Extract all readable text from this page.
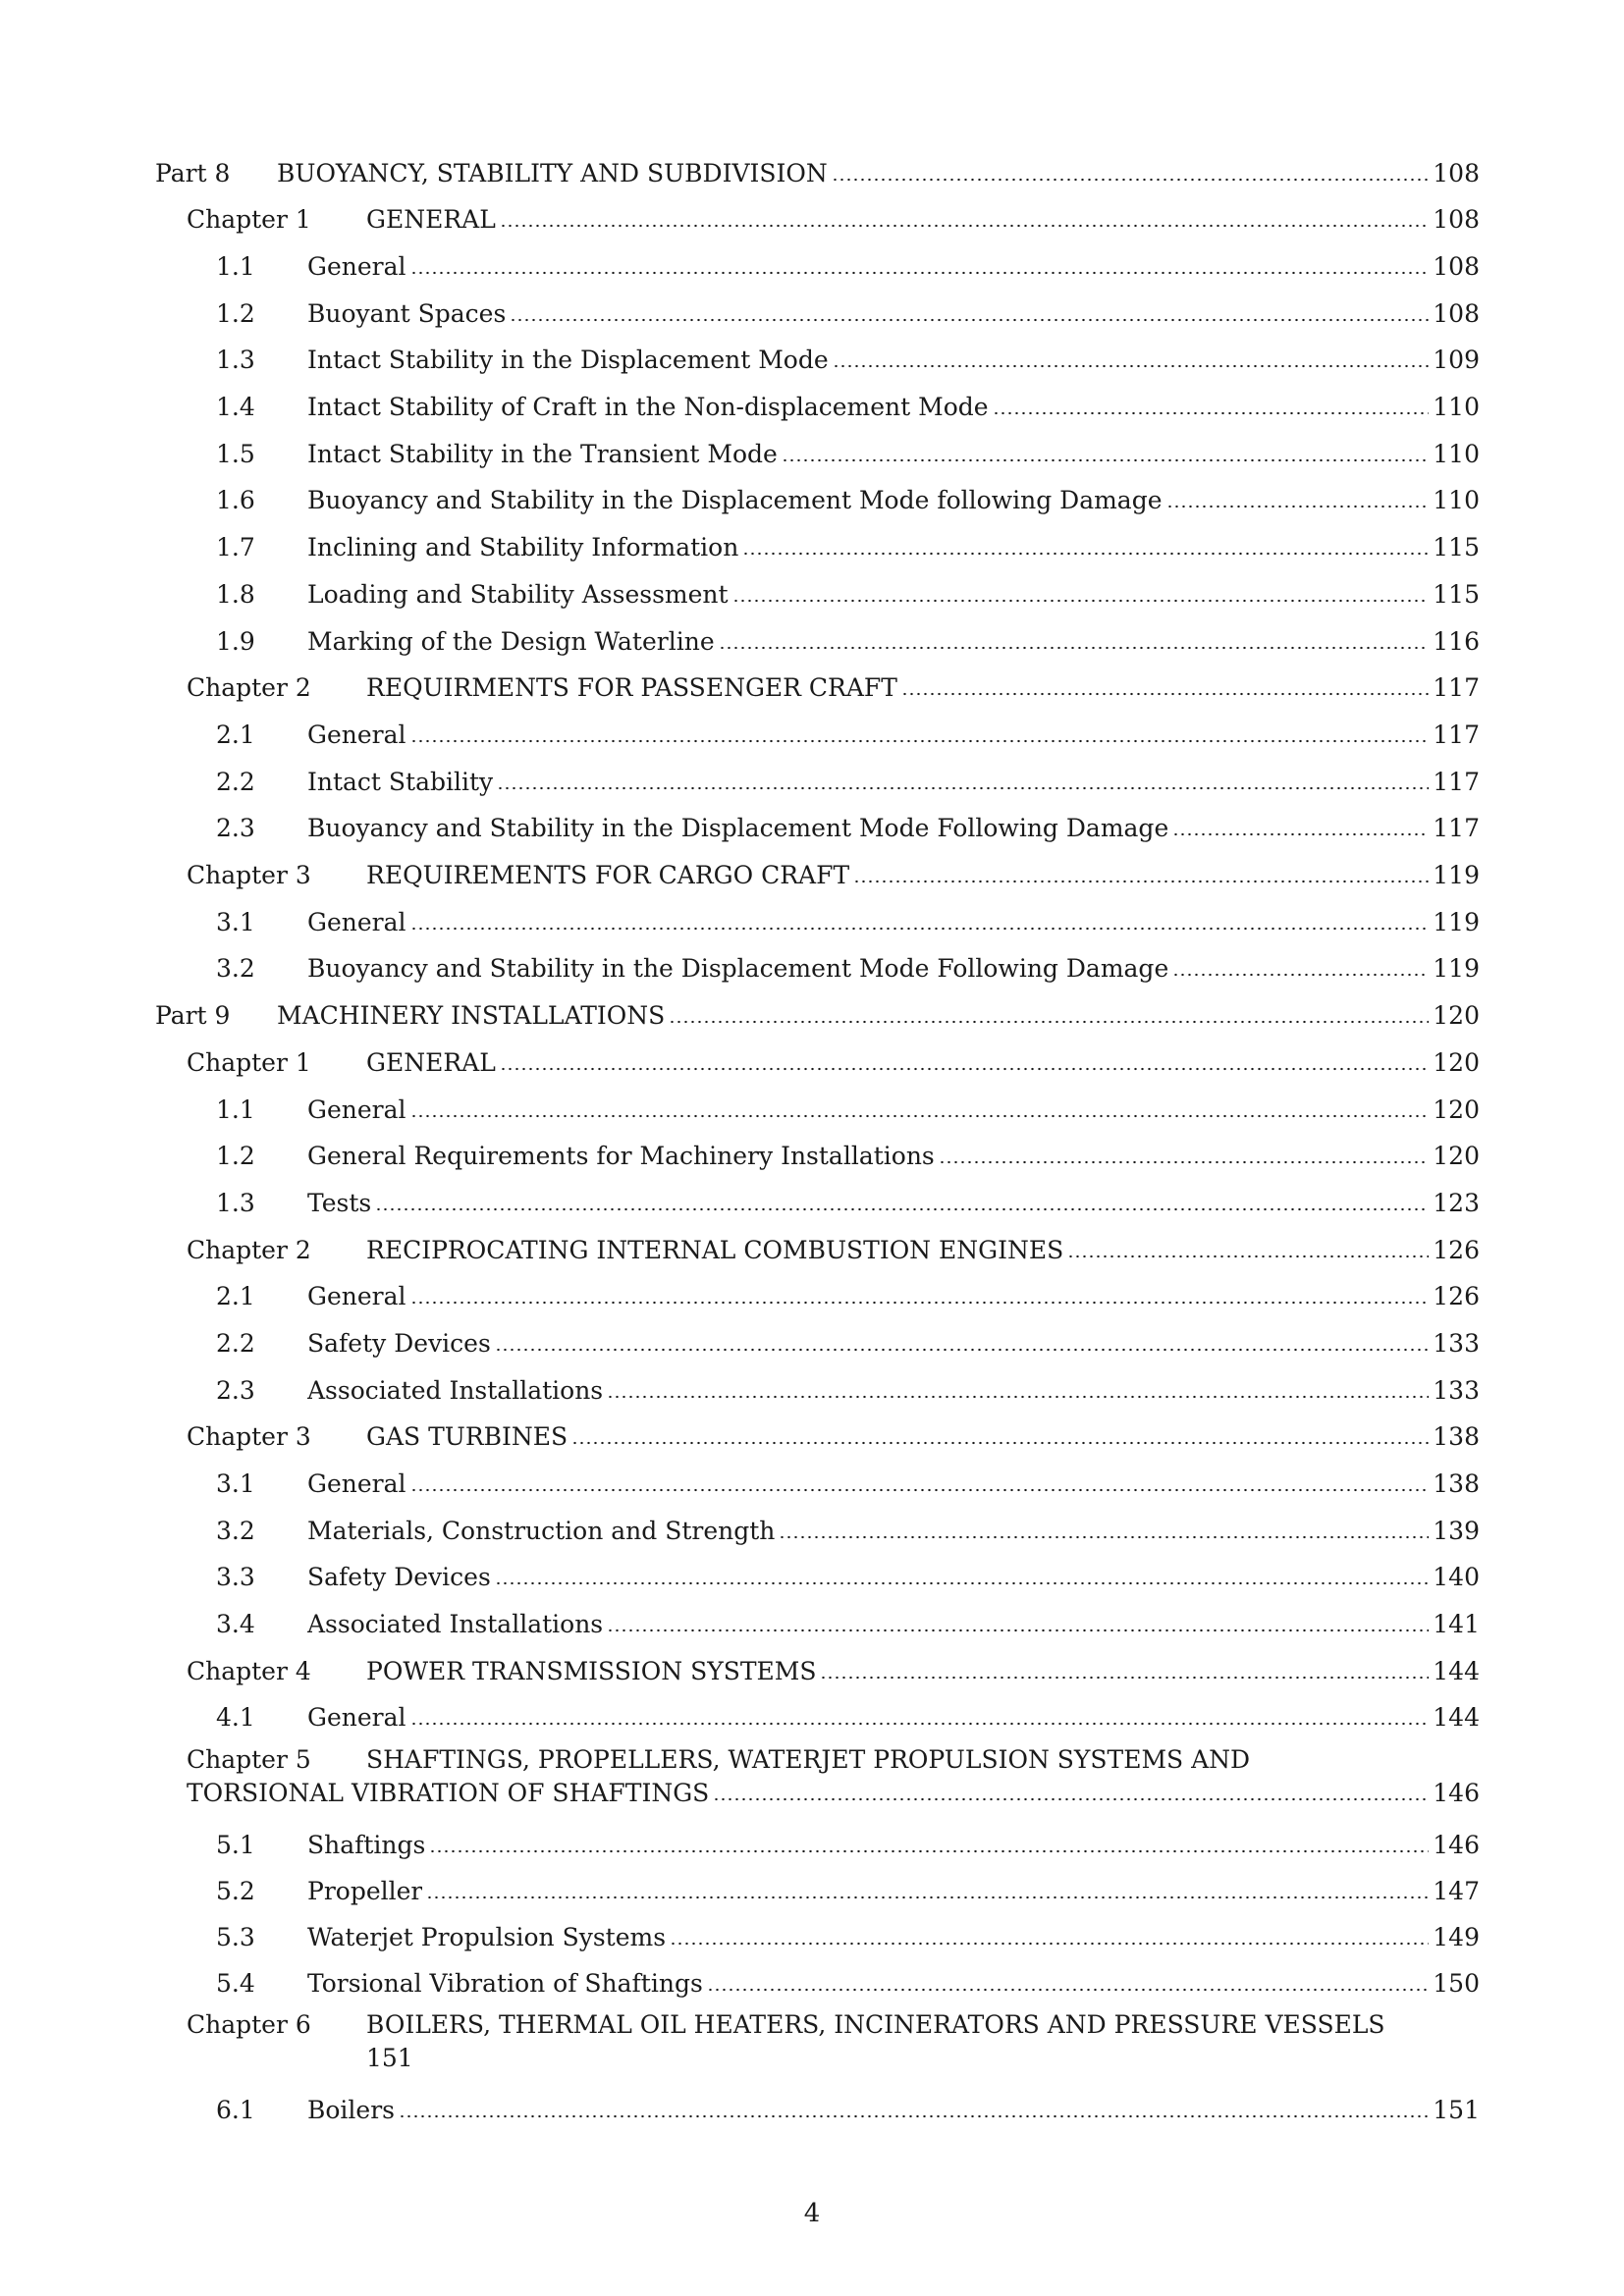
Part 8	BUOYANCY, STABILITY AND SUBDIVISION	108
Chapter 1	GENERAL	108
1.1	General	108
1.2	Buoyant Spaces	108
1.3	Intact Stability in the Displacement Mode	109
1.4	Intact Stability of Craft in the Non-displacement Mode	110
1.5	Intact Stability in the Transient Mode	110
1.6	Buoyancy and Stability in the Displacement Mode following Damage	110
1.7	Inclining and Stability Information	115
1.8	Loading and Stability Assessment	115
1.9	Marking of the Design Waterline	116
Chapter 2	REQUIRMENTS FOR PASSENGER CRAFT	117
2.1	General	117
2.2	Intact Stability	117
2.3	Buoyancy and Stability in the Displacement Mode Following Damage	117
Chapter 3	REQUIREMENTS FOR CARGO CRAFT	119
3.1	General	119
3.2	Buoyancy and Stability in the Displacement Mode Following Damage	119
Part 9	MACHINERY INSTALLATIONS	120
Chapter 1	GENERAL	120
1.1	General	120
1.2	General Requirements for Machinery Installations	120
1.3	Tests	123
Chapter 2	RECIPROCATING INTERNAL COMBUSTION ENGINES	126
2.1	General	126
2.2	Safety Devices	133
2.3	Associated Installations	133
Chapter 3	GAS TURBINES	138
3.1	General	138
3.2	Materials, Construction and Strength	139
3.3	Safety Devices	140
3.4	Associated Installations	141
Chapter 4	POWER TRANSMISSION SYSTEMS	144
4.1	General	144
Chapter 5	SHAFTINGS, PROPELLERS, WATERJET PROPULSION SYSTEMS AND
TORSIONAL VIBRATION OF SHAFTINGS	146
5.1	Shaftings	146
5.2	Propeller	147
5.3	Waterjet Propulsion Systems	149
5.4	Torsional Vibration of Shaftings	150
Chapter 6	BOILERS, THERMAL OIL HEATERS, INCINERATORS AND PRESSURE VESSELS
151
6.1	Boilers	151
4
